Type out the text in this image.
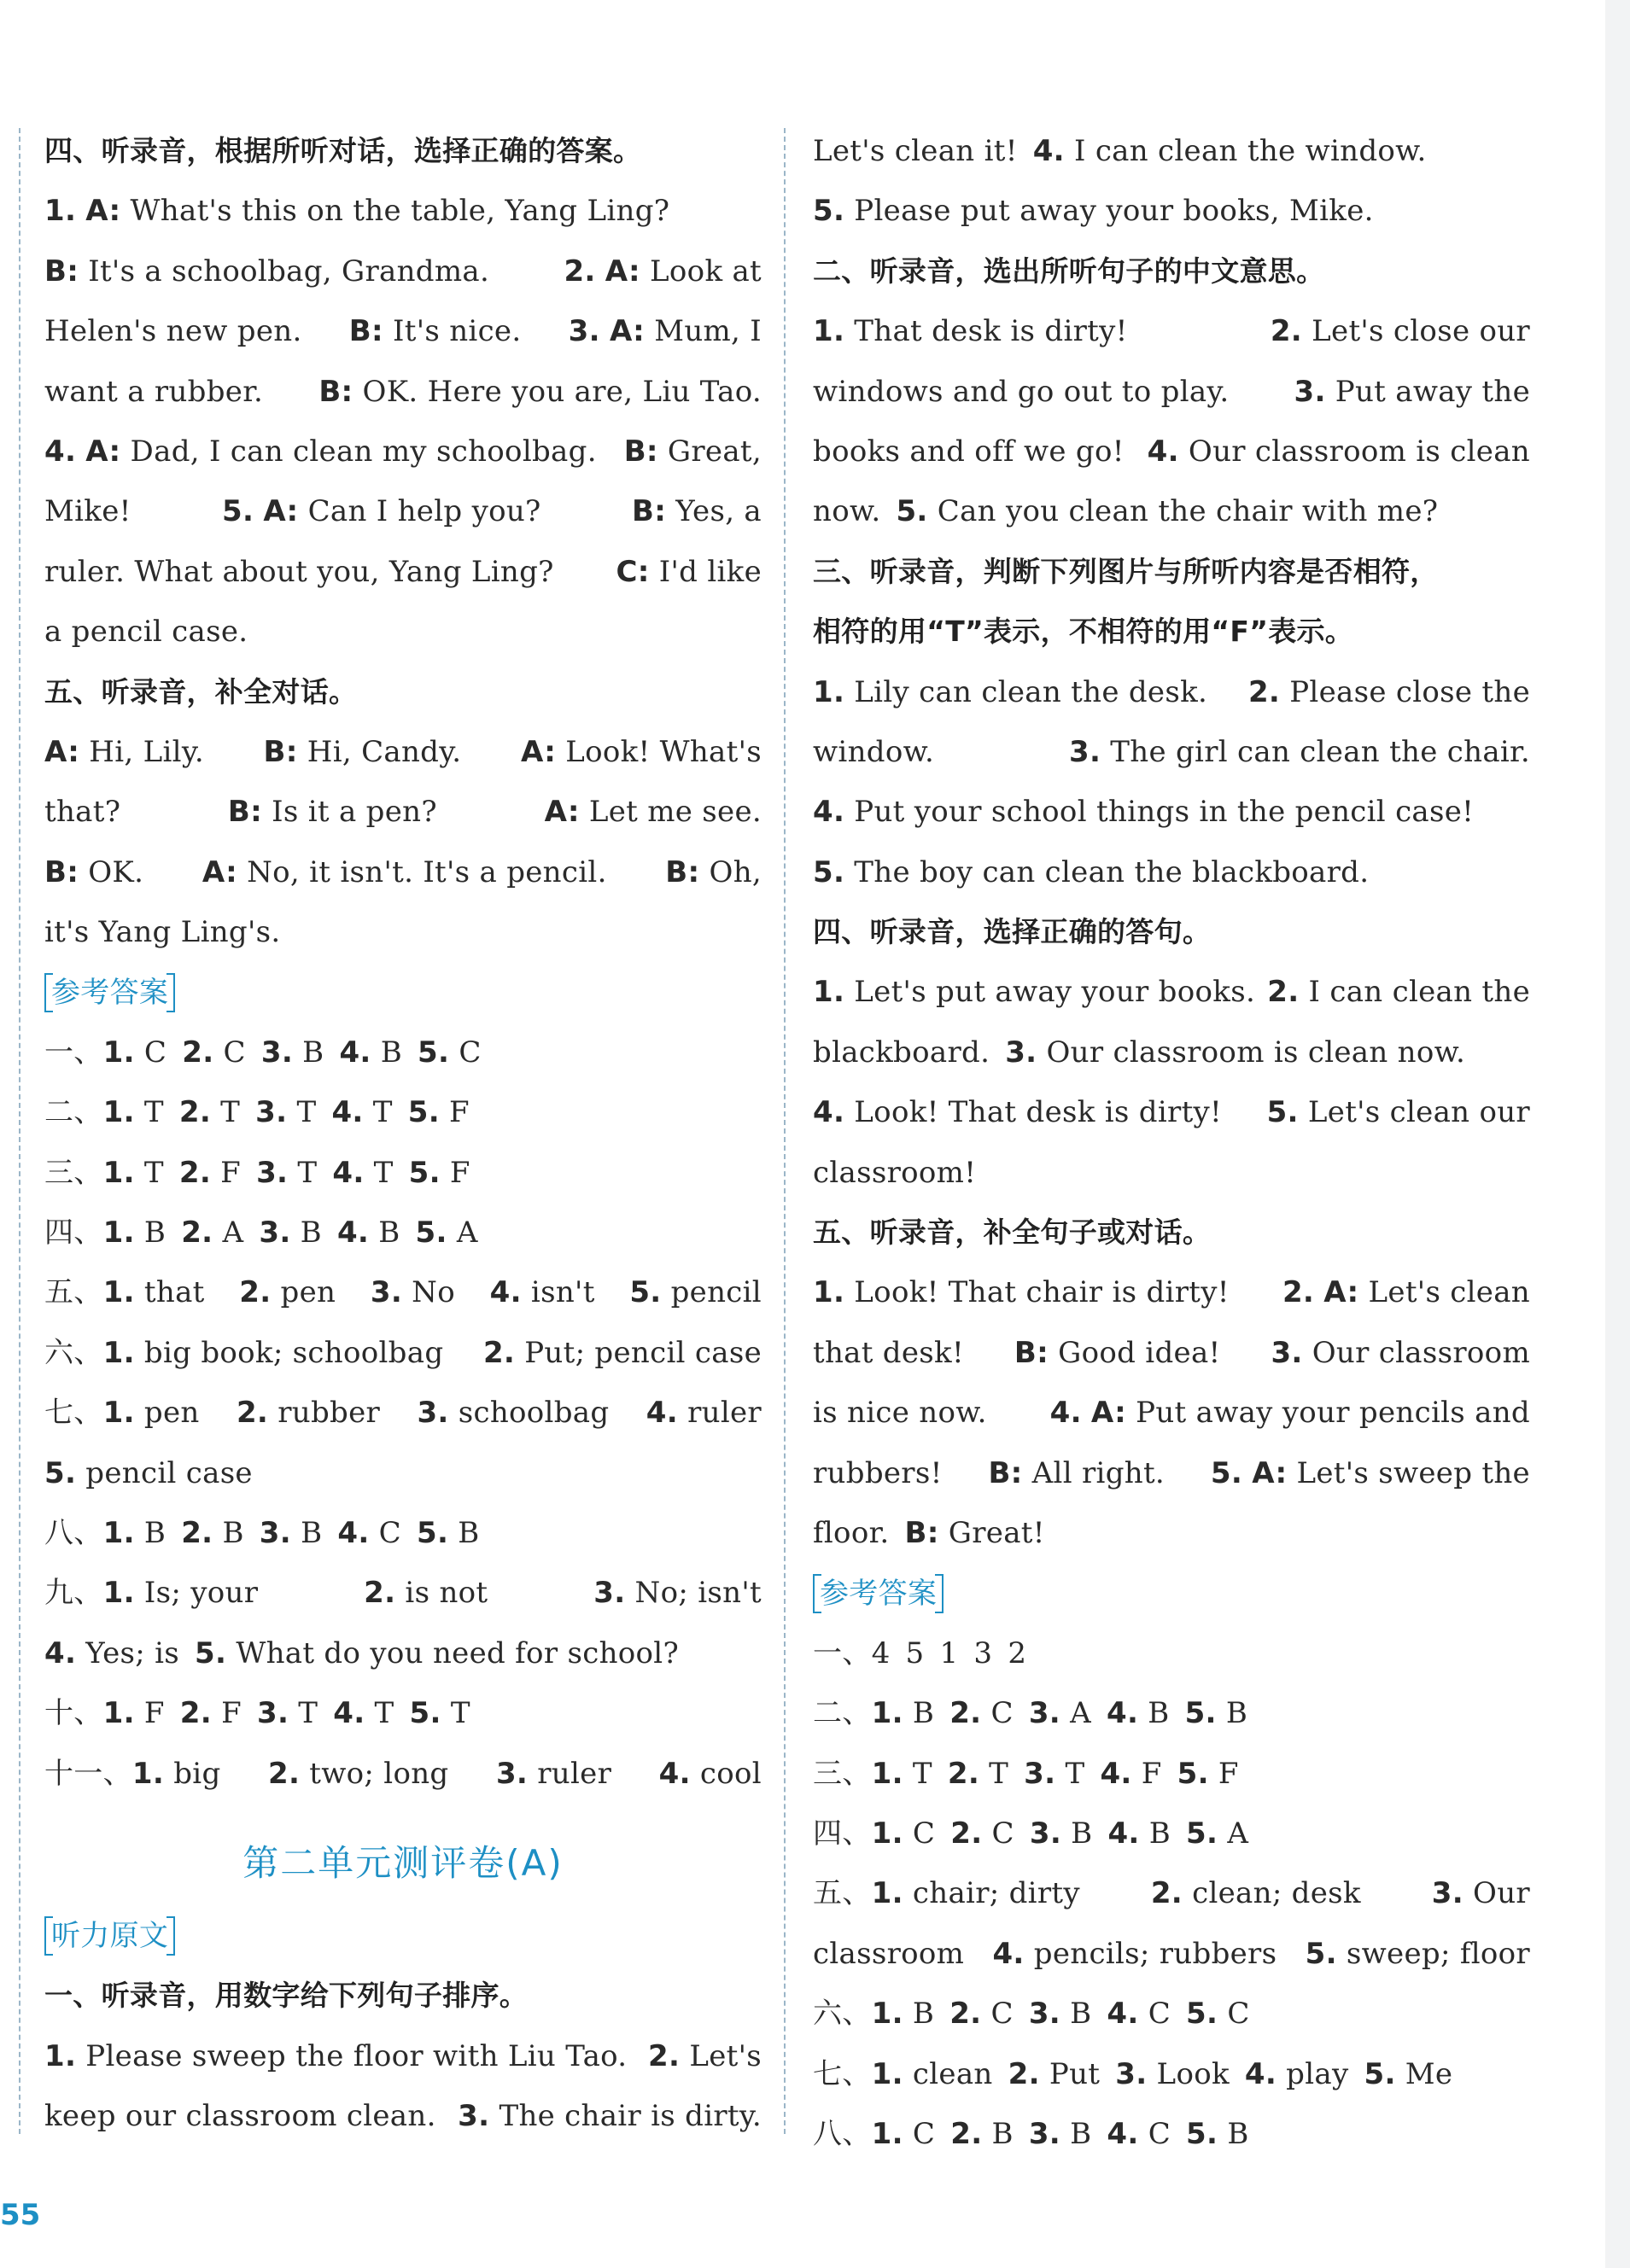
四、听录音，根据所听对话，选择正确的答案。
1. A: What's this on the table, Yang Ling?
B: It's a schoolbag, Grandma.	2. A: Look at
Helen's new pen. B: It's nice. 3. A: Mum, I
want a rubber. B: OK. Here you are, Liu Tao.
4. A: Dad, I can clean my schoolbag. B: Great,
Mike!	5. A: Can I help you?	B: Yes, a
ruler. What about you, Yang Ling? C: I'd like
a pencil case.
五、听录音，补全对话。
A: Hi, Lily. B: Hi, Candy. A: Look! What's
that?	B: Is it a pen?	A: Let me see.
B: OK. A: No, it isn't. It's a pencil. B: Oh,
it's Yang Ling's.
参考答案
一、1. C 2. C 3. B 4. B 5. C
二、1. T 2. T 3. T 4. T 5. F
三、1. T 2. F 3. T 4. T 5. F
四、1. B 2. A 3. B 4. B 5. A
五、1. that 2. pen 3. No 4. isn't 5. pencil
六、1. big book; schoolbag 2. Put; pencil case
七、1. pen 2. rubber 3. schoolbag 4. ruler
5. pencil case
八、1. B 2. B 3. B 4. C 5. B
九、1. Is; your	2. is not	3. No; isn't
4. Yes; is 5. What do you need for school?
十、1. F 2. F 3. T 4. T 5. T
十一、1. big 2. two; long 3. ruler 4. cool
第二单元测评卷(A)
听力原文
一、听录音，用数字给下列句子排序。
1. Please sweep the floor with Liu Tao. 2. Let's
keep our classroom clean. 3. The chair is dirty.
Let's clean it! 4. I can clean the window.
5. Please put away your books, Mike.
二、听录音，选出所听句子的中文意思。
1. That desk is dirty!	2. Let's close our
windows and go out to play. 3. Put away the
books and off we go! 4. Our classroom is clean
now. 5. Can you clean the chair with me?
三、听录音，判断下列图片与所听内容是否相符，
相符的用“T”表示，不相符的用“F”表示。
1. Lily can clean the desk. 2. Please close the
window.	3. The girl can clean the chair.
4. Put your school things in the pencil case!
5. The boy can clean the blackboard.
四、听录音，选择正确的答句。
1. Let's put away your books. 2. I can clean the
blackboard. 3. Our classroom is clean now.
4. Look! That desk is dirty! 5. Let's clean our
classroom!
五、听录音，补全句子或对话。
1. Look! That chair is dirty! 2. A: Let's clean
that desk! B: Good idea! 3. Our classroom
is nice now. 4. A: Put away your pencils and
rubbers! B: All right. 5. A: Let's sweep the
floor. B: Great!
参考答案
一、4 5 1 3 2
二、1. B 2. C 3. A 4. B 5. B
三、1. T 2. T 3. T 4. F 5. F
四、1. C 2. C 3. B 4. B 5. A
五、1. chair; dirty 2. clean; desk 3. Our
classroom 4. pencils; rubbers 5. sweep; floor
六、1. B 2. C 3. B 4. C 5. C
七、1. clean 2. Put 3. Look 4. play 5. Me
八、1. C 2. B 3. B 4. C 5. B
55
